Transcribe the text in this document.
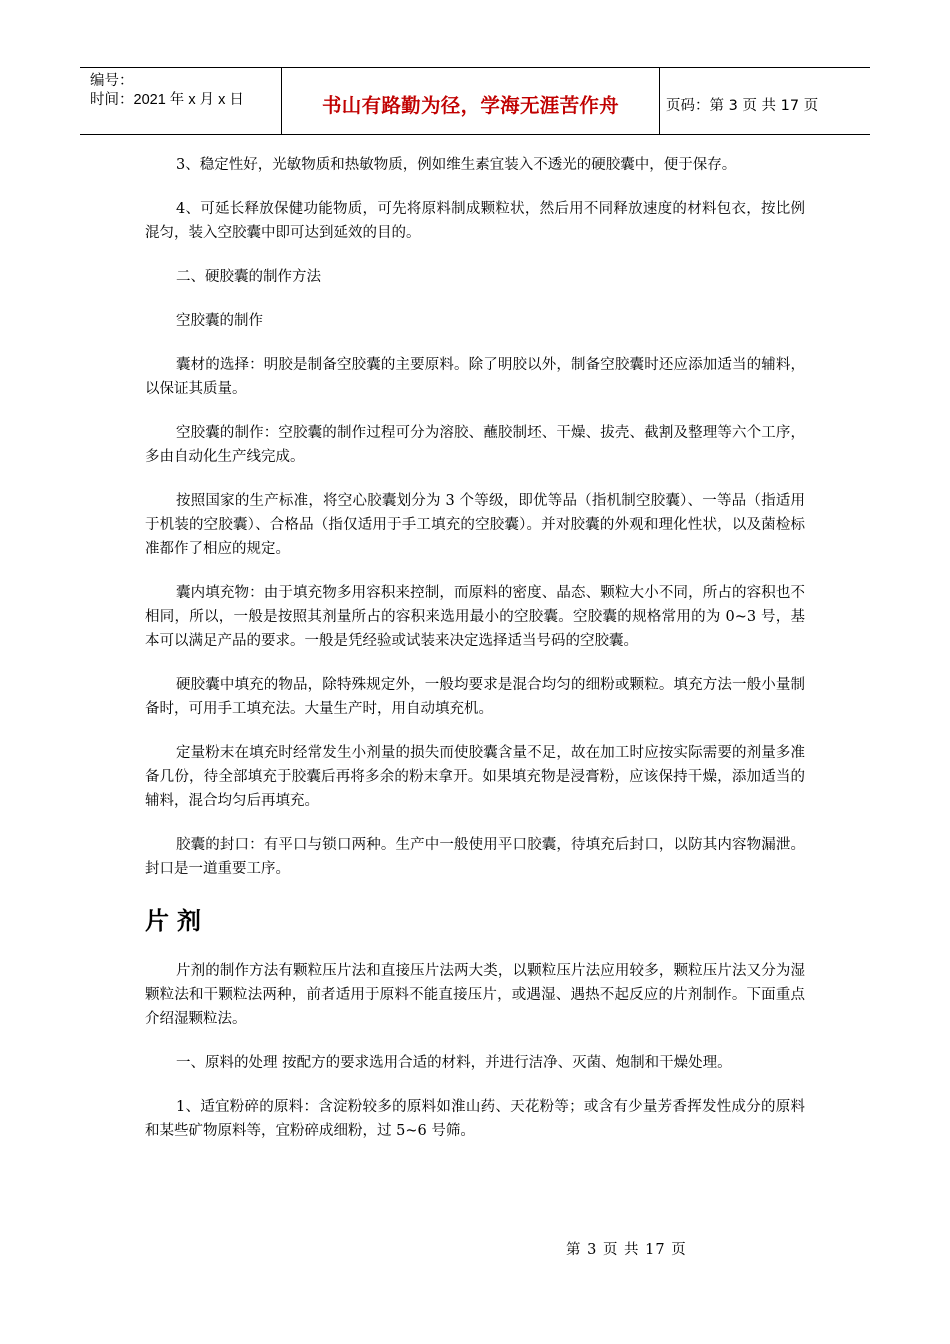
编号：
时间：2021 年 x 月 x 日	书山有路勤为径，学海无涯苦作舟	页码：第 3 页 共 17 页

3、稳定性好，光敏物质和热敏物质，例如维生素宜装入不透光的硬胶囊中，便于保存。

4、可延长释放保健功能物质，可先将原料制成颗粒状，然后用不同释放速度的材料包衣，按比例混匀，装入空胶囊中即可达到延效的目的。

二、硬胶囊的制作方法

空胶囊的制作

囊材的选择：明胶是制备空胶囊的主要原料。除了明胶以外，制备空胶囊时还应添加适当的辅料，以保证其质量。

空胶囊的制作：空胶囊的制作过程可分为溶胶、蘸胶制坯、干燥、拔壳、截割及整理等六个工序，多由自动化生产线完成。

按照国家的生产标准，将空心胶囊划分为 3 个等级，即优等品（指机制空胶囊）、一等品（指适用于机装的空胶囊）、合格品（指仅适用于手工填充的空胶囊）。并对胶囊的外观和理化性状，以及菌检标准都作了相应的规定。

囊内填充物：由于填充物多用容积来控制，而原料的密度、晶态、颗粒大小不同，所占的容积也不相同，所以，一般是按照其剂量所占的容积来选用最小的空胶囊。空胶囊的规格常用的为 0~3 号，基本可以满足产品的要求。一般是凭经验或试装来决定选择适当号码的空胶囊。

硬胶囊中填充的物品，除特殊规定外，一般均要求是混合均匀的细粉或颗粒。填充方法一般小量制备时，可用手工填充法。大量生产时，用自动填充机。

定量粉末在填充时经常发生小剂量的损失而使胶囊含量不足，故在加工时应按实际需要的剂量多准备几份，待全部填充于胶囊后再将多余的粉末拿开。如果填充物是浸膏粉，应该保持干燥，添加适当的辅料，混合均匀后再填充。

胶囊的封口：有平口与锁口两种。生产中一般使用平口胶囊，待填充后封口，以防其内容物漏泄。封口是一道重要工序。

片剂

片剂的制作方法有颗粒压片法和直接压片法两大类，以颗粒压片法应用较多，颗粒压片法又分为湿颗粒法和干颗粒法两种，前者适用于原料不能直接压片，或遇湿、遇热不起反应的片剂制作。下面重点介绍湿颗粒法。

一、原料的处理 按配方的要求选用合适的材料，并进行洁净、灭菌、炮制和干燥处理。

1、适宜粉碎的原料：含淀粉较多的原料如淮山药、天花粉等；或含有少量芳香挥发性成分的原料和某些矿物原料等，宜粉碎成细粉，过 5~6 号筛。

第 3 页 共 17 页
